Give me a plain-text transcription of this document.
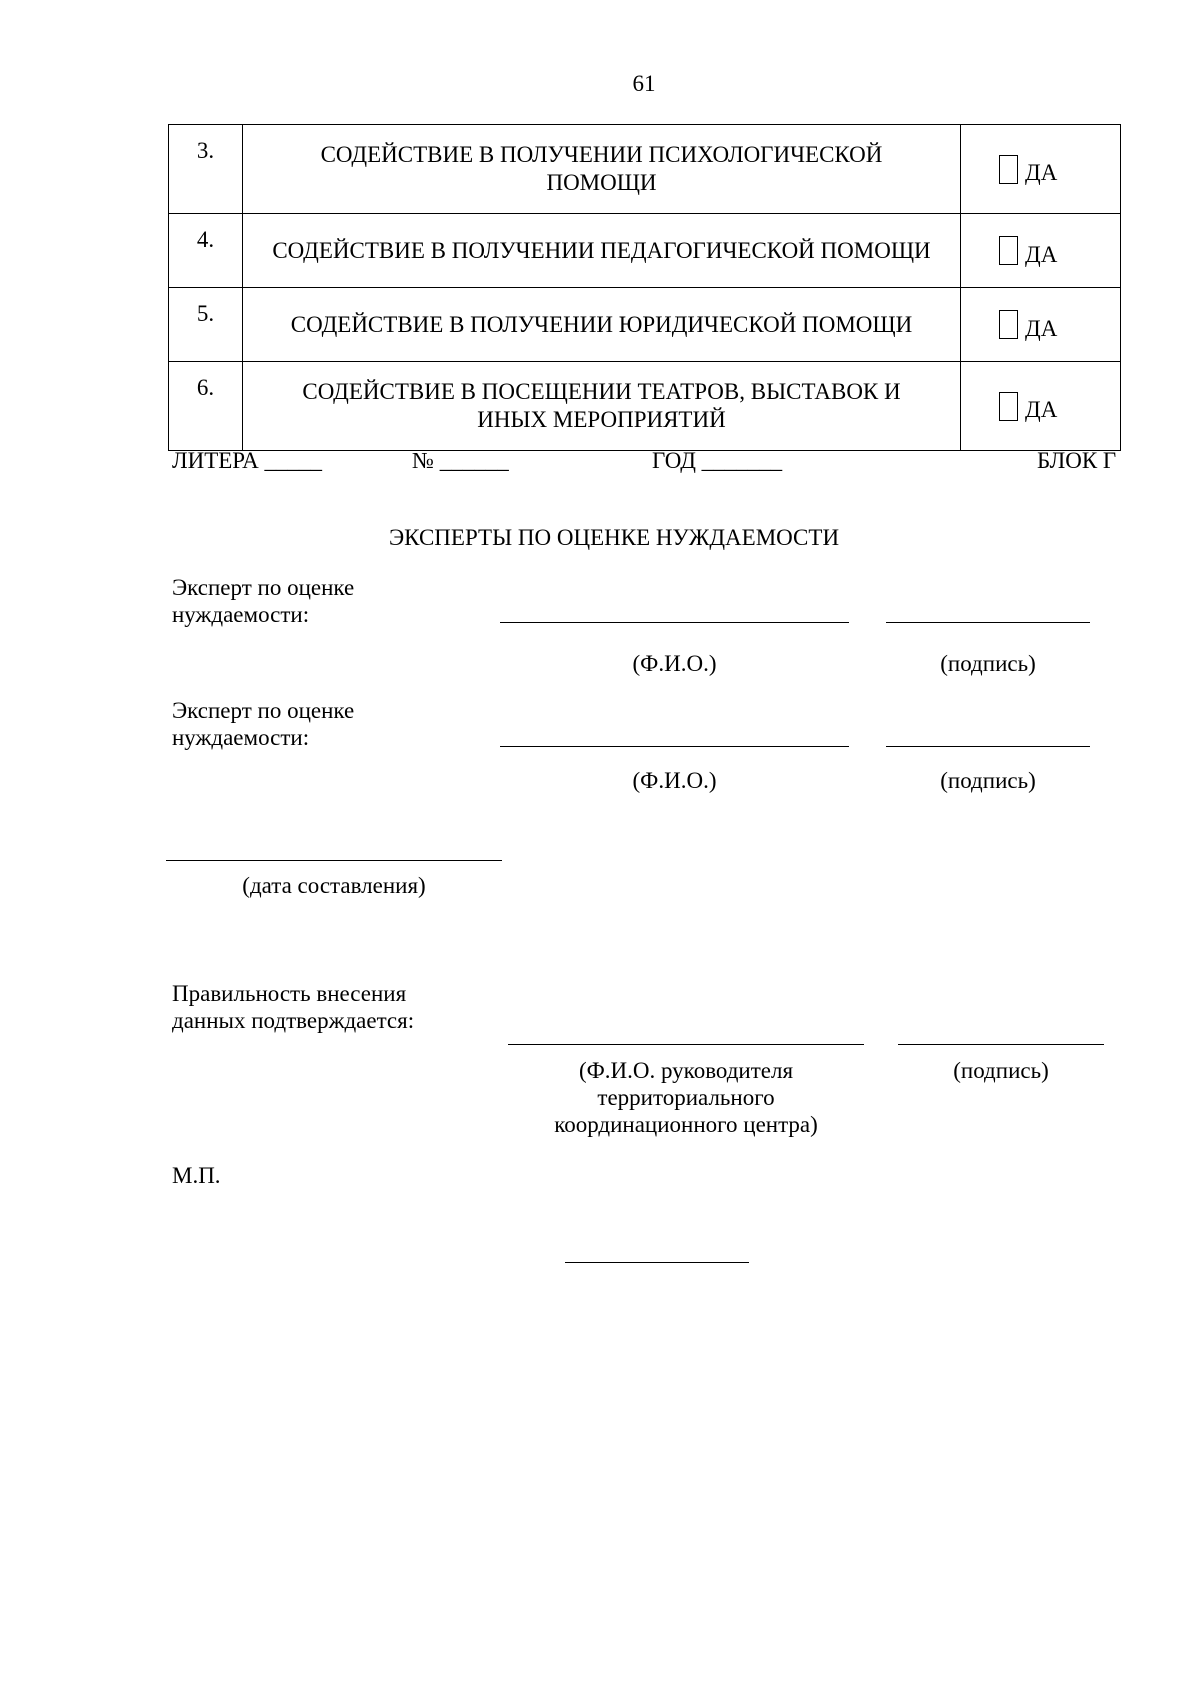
61
3.	СОДЕЙСТВИЕ В ПОЛУЧЕНИИ ПСИХОЛОГИЧЕСКОЙ
ПОМОЩИ	ДА

4.	СОДЕЙСТВИЕ В ПОЛУЧЕНИИ ПЕДАГОГИЧЕСКОЙ ПОМОЩИ	ДА

5.	СОДЕЙСТВИЕ В ПОЛУЧЕНИИ ЮРИДИЧЕСКОЙ ПОМОЩИ	ДА

6.	СОДЕЙСТВИЕ В ПОСЕЩЕНИИ ТЕАТРОВ, ВЫСТАВОК И
ИНЫХ МЕРОПРИЯТИЙ	ДА
ЛИТЕРА _____	№ ______	ГОД _______	БЛОК Г
ЭКСПЕРТЫ ПО ОЦЕНКЕ НУЖДАЕМОСТИ
Эксперт по оценке
нуждаемости:
(Ф.И.О.)	(подпись)
Эксперт по оценке
нуждаемости:
(Ф.И.О.)	(подпись)
(дата составления)
Правильность внесения
данных подтверждается:
(Ф.И.О. руководителя
территориального
координационного центра)
(подпись)
М.П.
